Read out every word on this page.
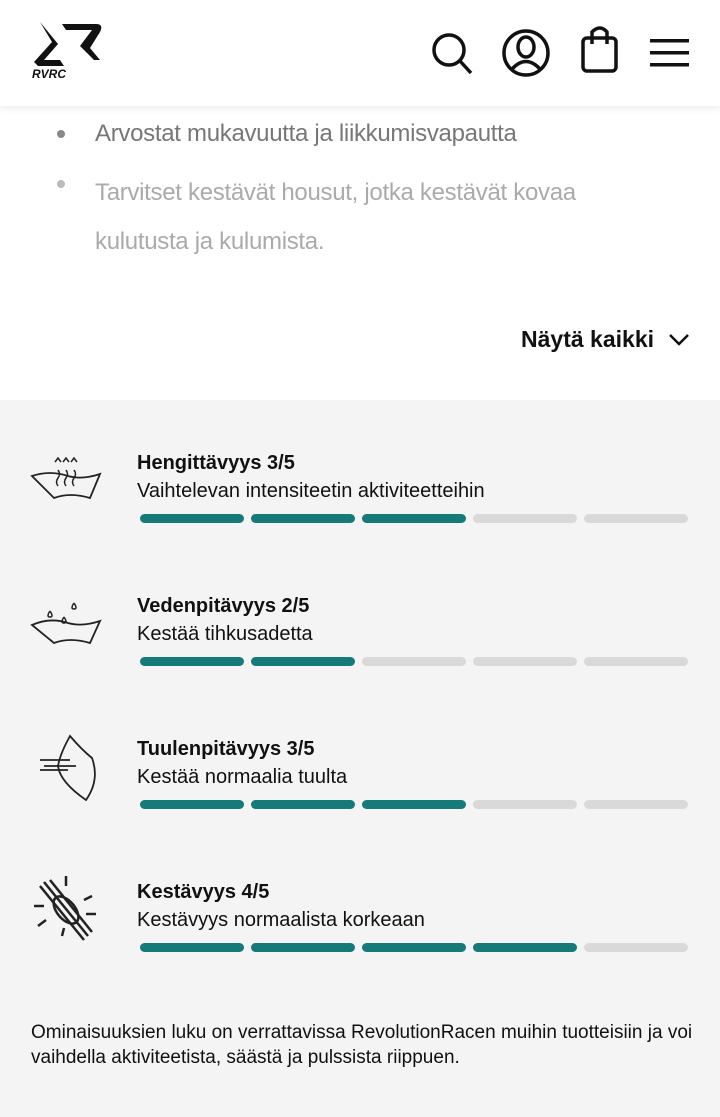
RVRC
Arvostat mukavuutta ja liikkumisvapautta
Tarvitset kestävät housut, jotka kestävät kovaa kulutusta ja kulumista.
Näytä kaikki
Hengittävyys 3/5
Vaihtelevan intensiteetin aktiviteetteihin
Vedenpitävyys 2/5
Kestää tihkusadetta
Tuulenpitävyys 3/5
Kestää normaalia tuulta
Kestävyys 4/5
Kestävyys normaalista korkeaan
Ominaisuuksien luku on verrattavissa RevolutionRacen muihin tuotteisiin ja voi vaihdella aktiviteetista, säästä ja pulssista riippuen.
